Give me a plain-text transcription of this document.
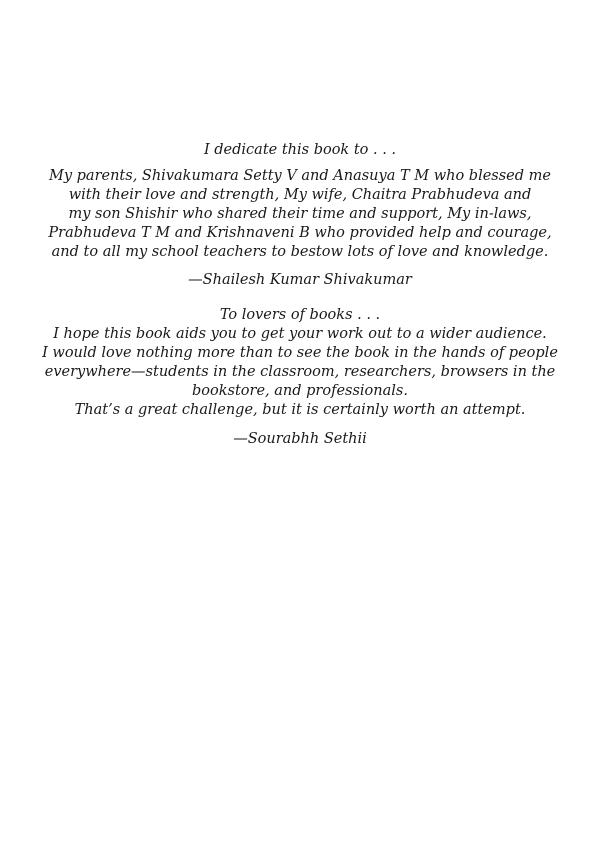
I dedicate this book to . . .
My parents, Shivakumara Setty V and Anasuya T M who blessed me
with their love and strength, My wife, Chaitra Prabhudeva and
my son Shishir who shared their time and support, My in-laws,
Prabhudeva T M and Krishnaveni B who provided help and courage,
and to all my school teachers to bestow lots of love and knowledge.
—Shailesh Kumar Shivakumar
To lovers of books . . .
I hope this book aids you to get your work out to a wider audience.
I would love nothing more than to see the book in the hands of people
everywhere—students in the classroom, researchers, browsers in the
bookstore, and professionals.
That’s a great challenge, but it is certainly worth an attempt.
—Sourabhh Sethii
